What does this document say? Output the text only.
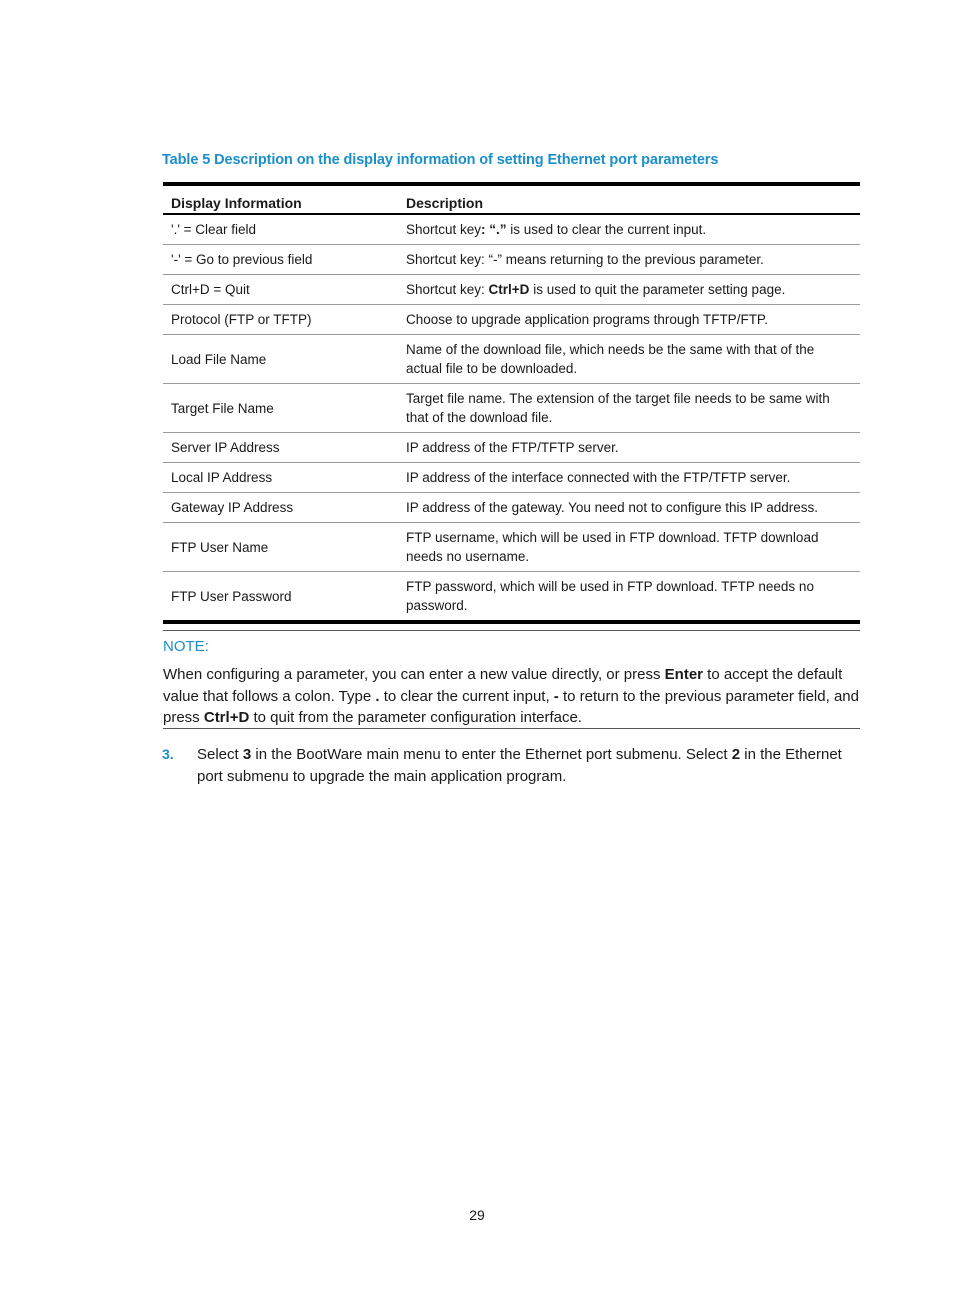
Table 5 Description on the display information of setting Ethernet port parameters
Display Information	Description
'.' = Clear field	Shortcut key: “.” is used to clear the current input.
'-' = Go to previous field	Shortcut key: “-” means returning to the previous parameter.
Ctrl+D = Quit	Shortcut key: Ctrl+D is used to quit the parameter setting page.
Protocol (FTP or TFTP)	Choose to upgrade application programs through TFTP/FTP.
Load File Name	Name of the download file, which needs be the same with that of the actual file to be downloaded.
Target File Name	Target file name. The extension of the target file needs to be same with that of the download file.
Server IP Address	IP address of the FTP/TFTP server.
Local IP Address	IP address of the interface connected with the FTP/TFTP server.
Gateway IP Address	IP address of the gateway. You need not to configure this IP address.
FTP User Name	FTP username, which will be used in FTP download. TFTP download needs no username.
FTP User Password	FTP password, which will be used in FTP download. TFTP needs no password.
NOTE:
When configuring a parameter, you can enter a new value directly, or press Enter to accept the default value that follows a colon. Type . to clear the current input, - to return to the previous parameter field, and press Ctrl+D to quit from the parameter configuration interface.
3. Select 3 in the BootWare main menu to enter the Ethernet port submenu. Select 2 in the Ethernet port submenu to upgrade the main application program.
29
